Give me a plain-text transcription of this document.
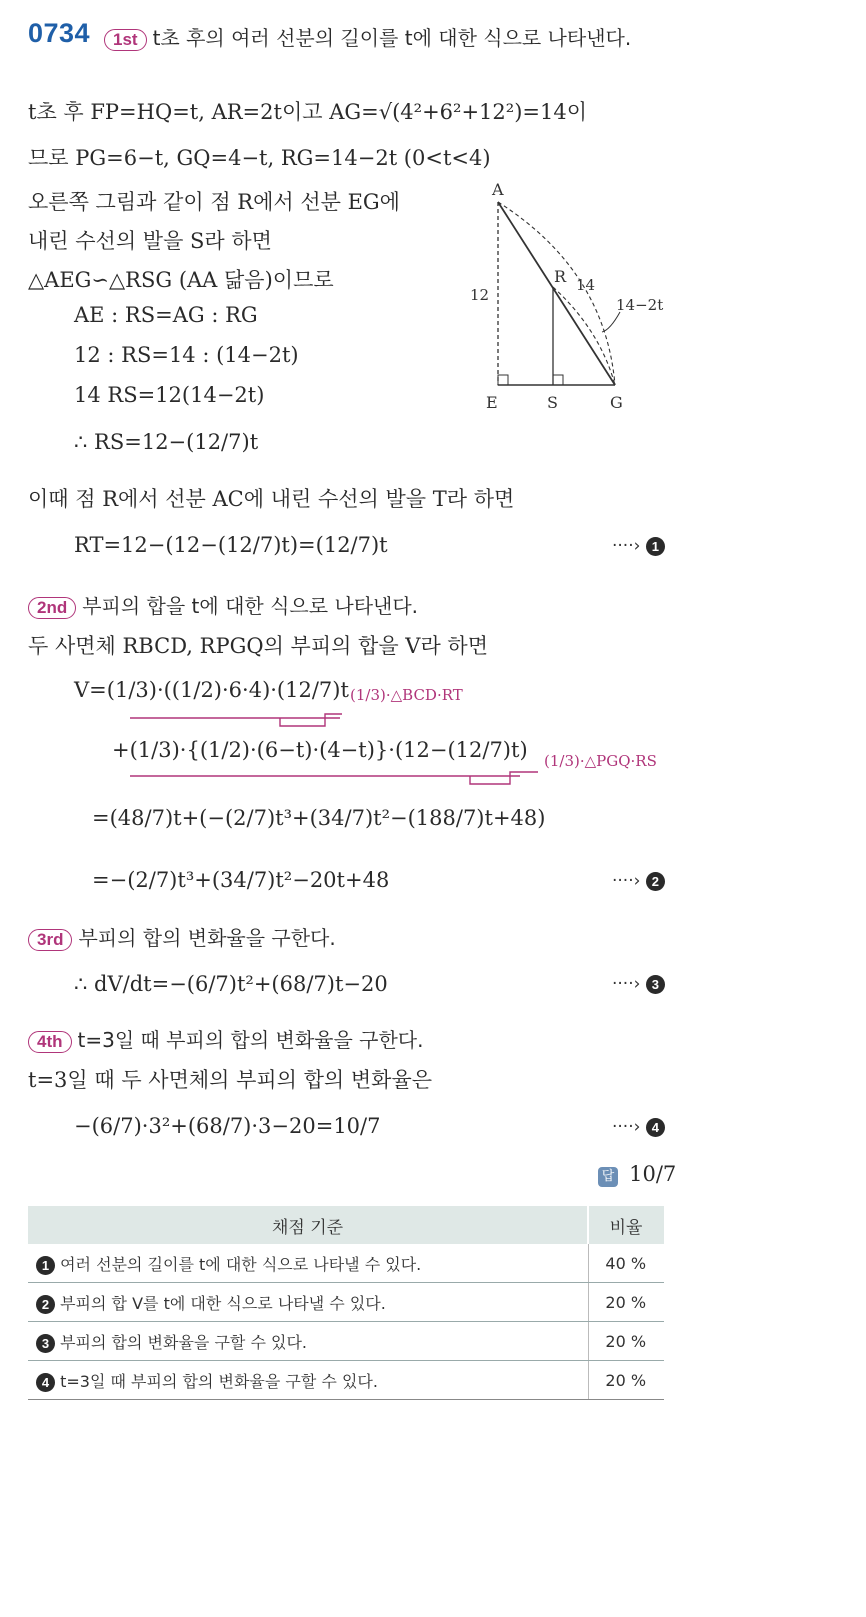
0734	1st t초 후의 여러 선분의 길이를 t에 대한 식으로 나타낸다.
t초 후 FP=HQ=t, AR=2t이고 AG=√(4²+6²+12²)=14이
므로 PG=6−t, GQ=4−t, RG=14−2t (0<t<4)
오른쪽 그림과 같이 점 R에서 선분 EG에
내린 수선의 발을 S라 하면
△AEG∽△RSG (AA 닮음)이므로
AE : RS=AG : RG
12 : RS=14 : (14−2t)
14 RS=12(14−2t)
∴ RS=12−(12/7)t
A
E	S	G
R
12
14
14−2t
이때 점 R에서 선분 AC에 내린 수선의 발을 T라 하면
RT=12−(12−(12/7)t)=(12/7)t	····› 1
2nd 부피의 합을 t에 대한 식으로 나타낸다.
두 사면체 RBCD, RPGQ의 부피의 합을 V라 하면
V=(1/3)·((1/2)·6·4)·(12/7)t (1/3)·△BCD·RT
+(1/3)·{(1/2)·(6−t)·(4−t)}·(12−(12/7)t) (1/3)·△PGQ·RS
=(48/7)t+(−(2/7)t³+(34/7)t²−(188/7)t+48)
=−(2/7)t³+(34/7)t²−20t+48	····› 2
3rd 부피의 합의 변화율을 구한다.
∴ dV/dt=−(6/7)t²+(68/7)t−20	····› 3
4th t=3일 때 부피의 합의 변화율을 구한다.
t=3일 때 두 사면체의 부피의 합의 변화율은
−(6/7)·3²+(68/7)·3−20=10/7	····› 4
답 10/7
채점 기준	비율
1 여러 선분의 길이를 t에 대한 식으로 나타낼 수 있다.	40 %
2 부피의 합 V를 t에 대한 식으로 나타낼 수 있다.	20 %
3 부피의 합의 변화율을 구할 수 있다.	20 %
4 t=3일 때 부피의 합의 변화율을 구할 수 있다.	20 %
